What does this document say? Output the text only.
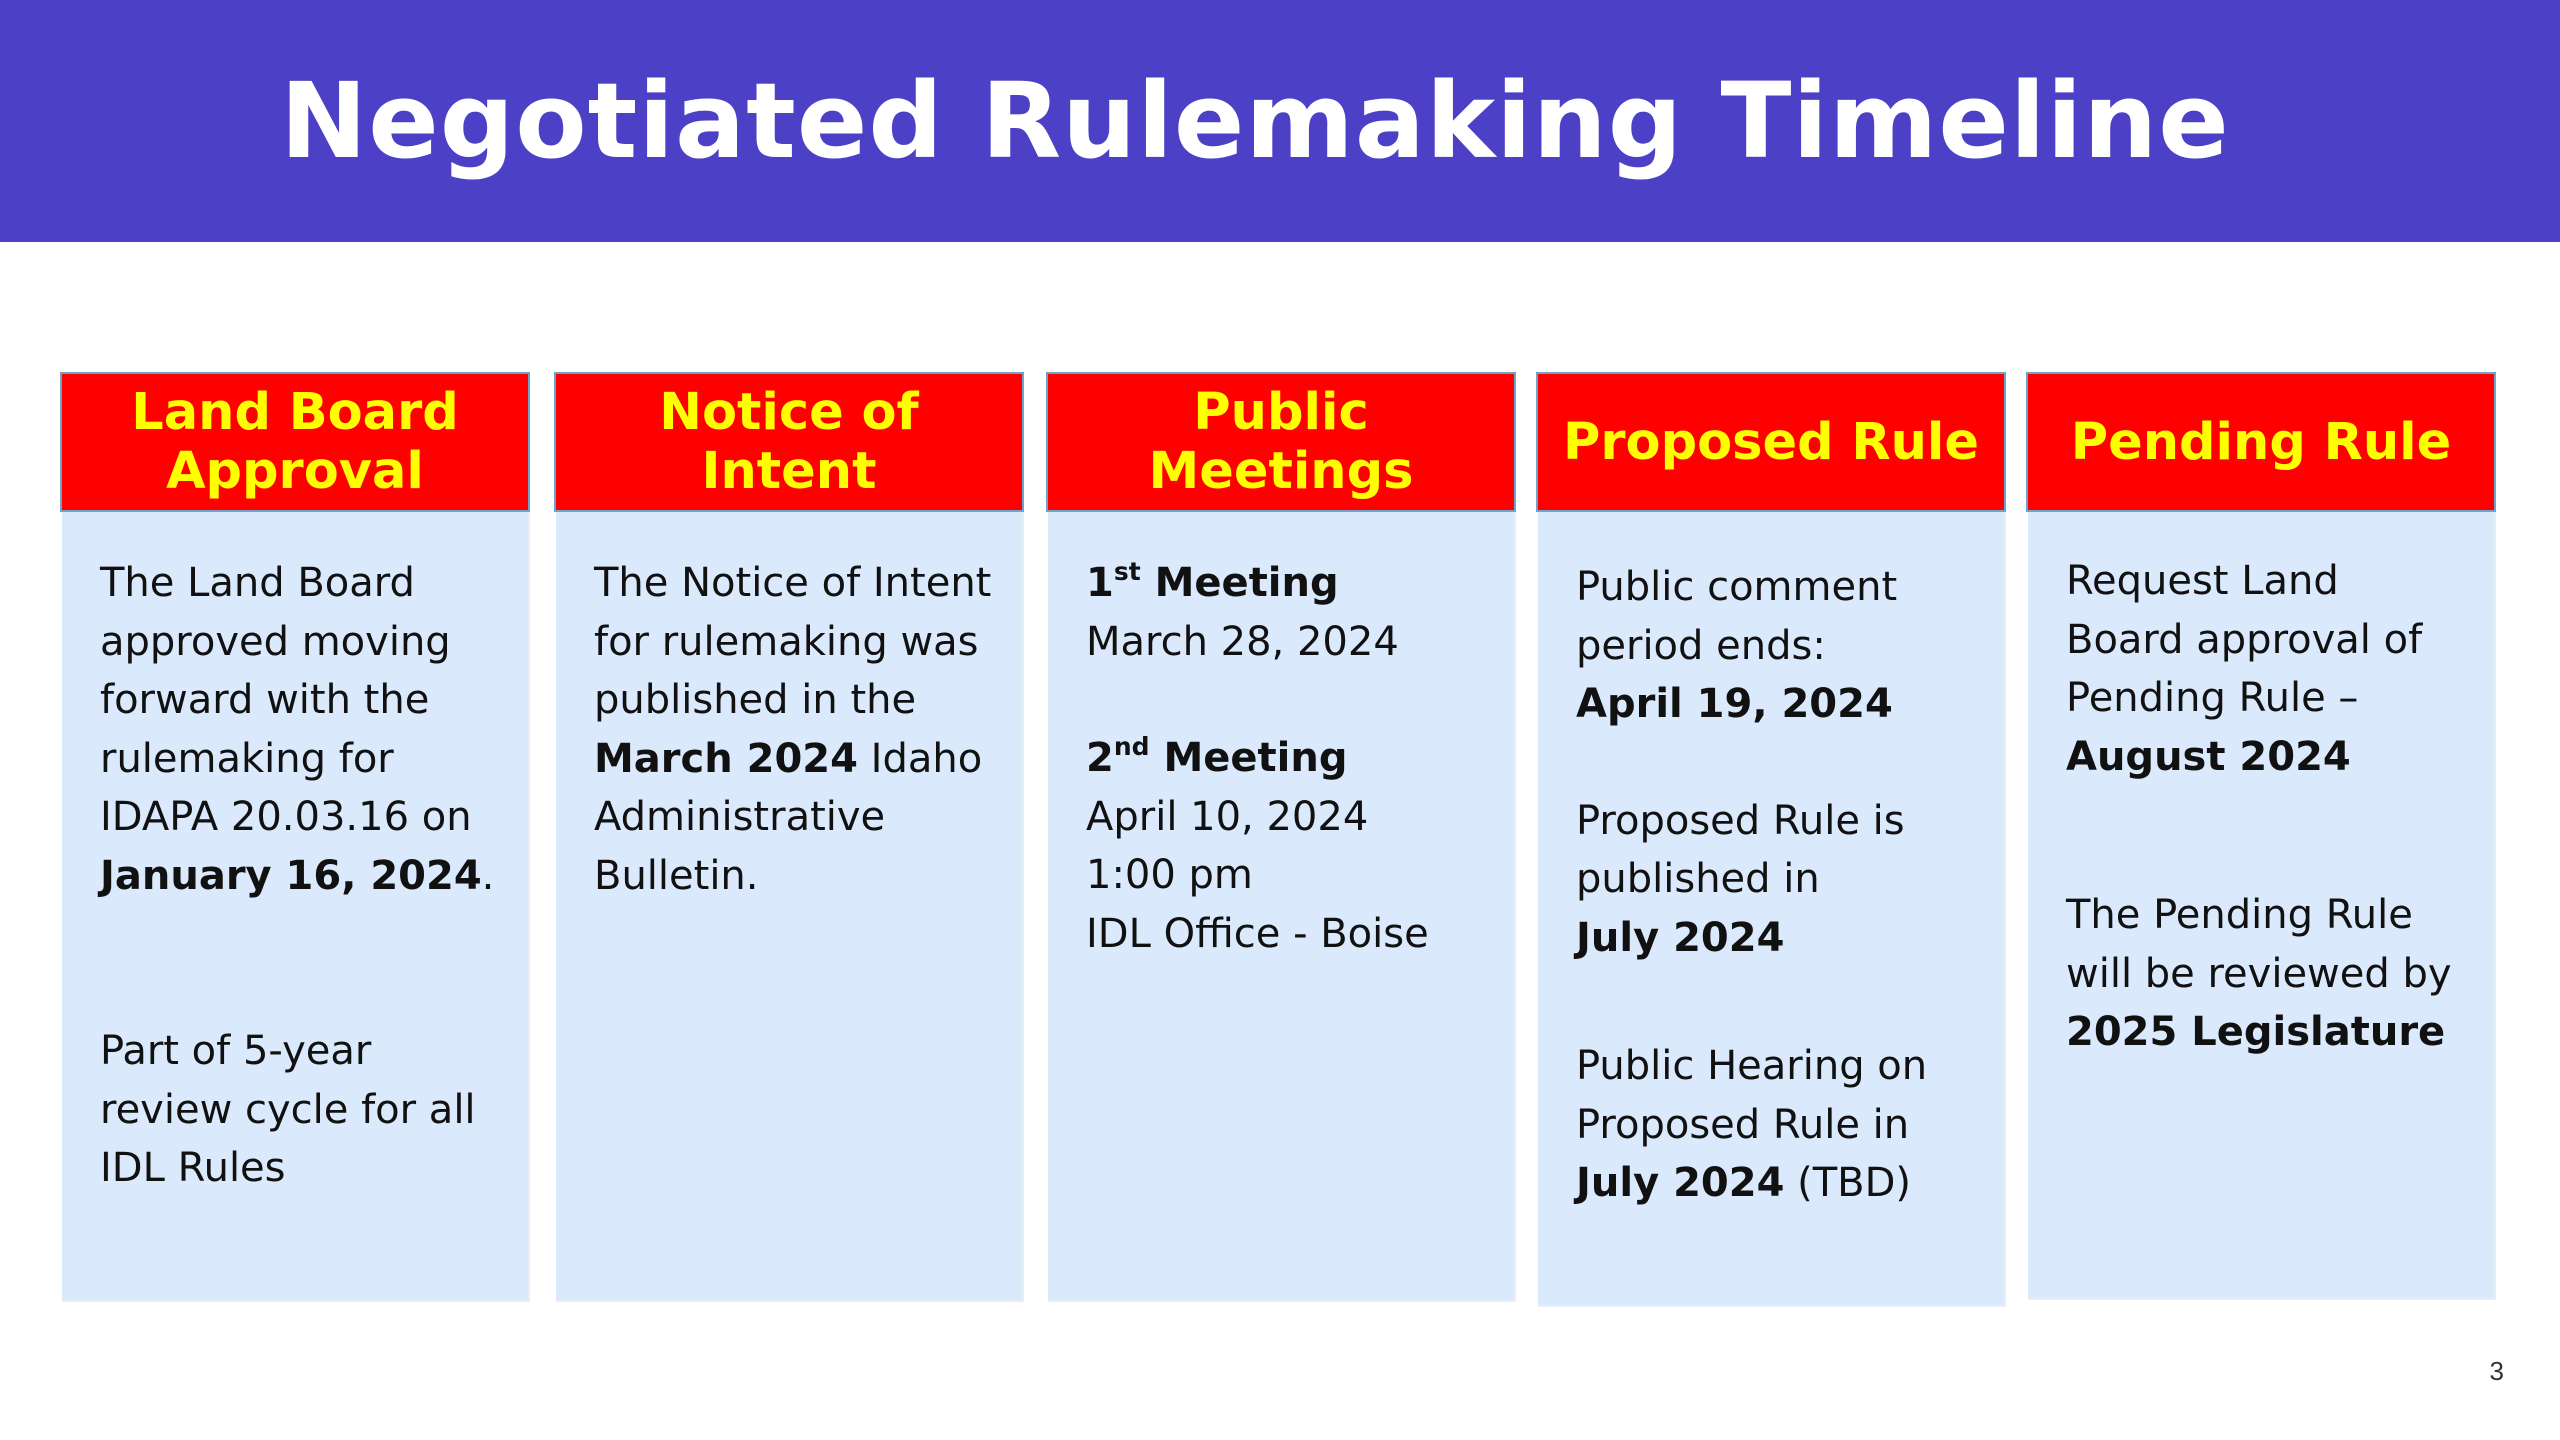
Negotiated Rulemaking Timeline
Land Board
Approval

The Land Board approved moving forward with the rulemaking for IDAPA 20.03.16 on January 16, 2024.

Part of 5-year review cycle for all IDL Rules

Notice of
Intent

The Notice of Intent for rulemaking was published in the March 2024 Idaho Administrative Bulletin.

Public
Meetings

1st Meeting

March 28, 2024

2nd Meeting

April 10, 2024

1:00 pm

IDL Office - Boise

Proposed Rule

Public comment period ends:

April 19, 2024

Proposed Rule is published in

July 2024

Public Hearing on Proposed Rule in

July 2024 (TBD)

Pending Rule

Request Land Board approval of Pending Rule – August 2024

The Pending Rule will be reviewed by

2025 Legislature

3
